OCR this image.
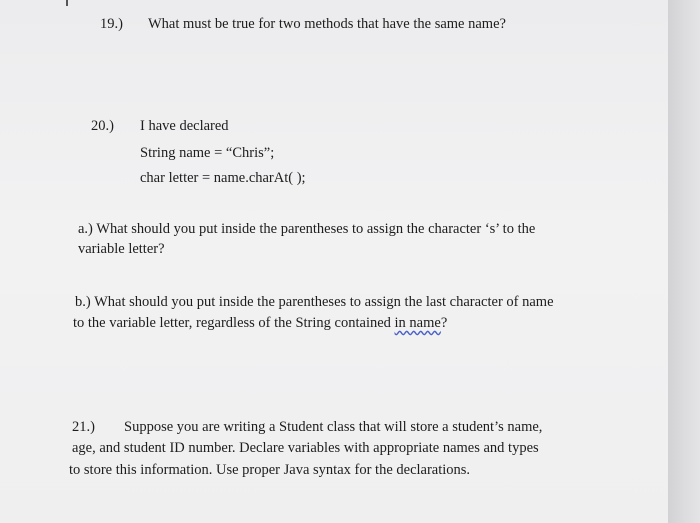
19.) What must be true for two methods that have the same name?
20.) I have declared
String name = “Chris”;
char letter = name.charAt( );
a.) What should you put inside the parentheses to assign the character ‘s’ to the
variable letter?
b.) What should you put inside the parentheses to assign the last character of name
to the variable letter, regardless of the String contained in name?
21.) Suppose you are writing a Student class that will store a student’s name,
age, and student ID number. Declare variables with appropriate names and types
to store this information. Use proper Java syntax for the declarations.
